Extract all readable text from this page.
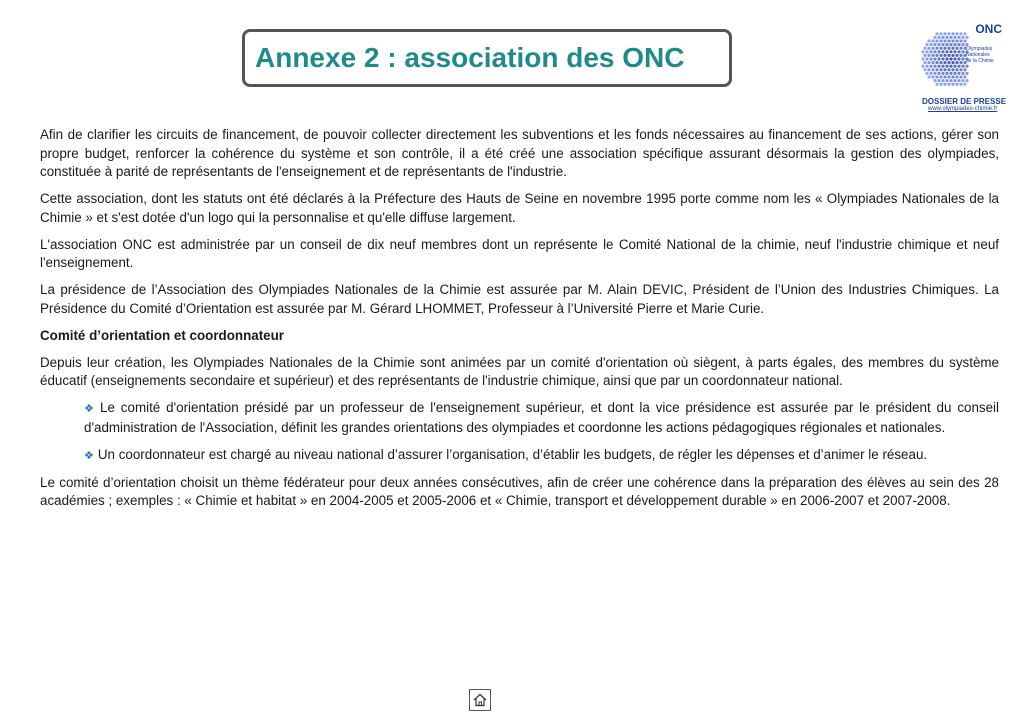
Annexe 2 : association des ONC
ONC
Olympiades
Nationales
de la Chimie
DOSSIER DE PRESSE
www.olympiades-chimie.fr

Afin de clarifier les circuits de financement, de pouvoir collecter directement les subventions et les fonds nécessaires au financement de ses actions, gérer son propre budget, renforcer la cohérence du système et son contrôle, il a été créé une association spécifique assurant désormais la gestion des olympiades, constituée à parité de représentants de l'enseignement et de représentants de l'industrie.

Cette association, dont les statuts ont été déclarés à la Préfecture des Hauts de Seine en novembre 1995 porte comme nom les « Olympiades Nationales de la Chimie » et s'est dotée d'un logo qui la personnalise et qu'elle diffuse largement.

L'association ONC est administrée par un conseil de dix neuf membres dont un représente le Comité National de la chimie, neuf l'industrie chimique et neuf l'enseignement.

La présidence de l’Association des Olympiades Nationales de la Chimie est assurée par M. Alain DEVIC, Président de l’Union des Industries Chimiques. La Présidence du Comité d’Orientation est assurée par M. Gérard LHOMMET, Professeur à l’Université Pierre et Marie Curie.

Comité d’orientation et coordonnateur

Depuis leur création, les Olympiades Nationales de la Chimie sont animées par un comité d'orientation où siègent, à parts égales, des membres du système éducatif (enseignements secondaire et supérieur) et des représentants de l'industrie chimique, ainsi que par un coordonnateur national.

❖ Le comité d'orientation présidé par un professeur de l'enseignement supérieur, et dont la vice présidence est assurée par le président du conseil d'administration de l'Association, définit les grandes orientations des olympiades et coordonne les actions pédagogiques régionales et nationales.

❖ Un coordonnateur est chargé au niveau national d’assurer l’organisation, d’établir les budgets, de régler les dépenses et d’animer le réseau.

Le comité d’orientation choisit un thème fédérateur pour deux années consécutives, afin de créer une cohérence dans la préparation des élèves au sein des 28 académies ; exemples : « Chimie et habitat » en 2004-2005 et 2005-2006 et « Chimie, transport et développement durable » en 2006-2007 et 2007-2008.
